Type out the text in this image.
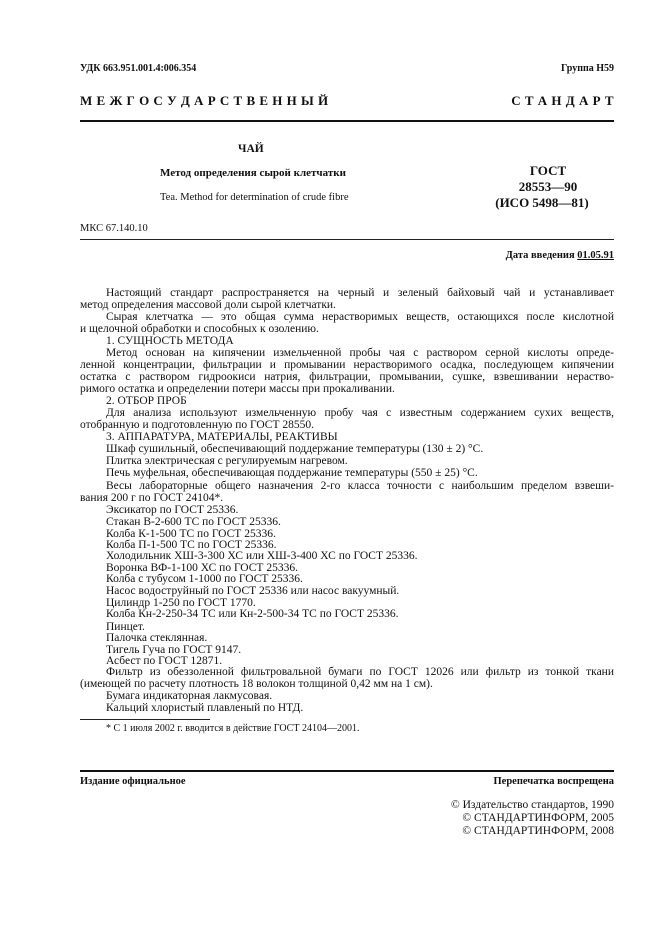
УДК 663.951.001.4:006.354	Группа Н59
М Е Ж Г О С У Д А Р С Т В Е Н Н Ы Й	С Т А Н Д А Р Т
ЧАЙ
Метод определения сырой клетчатки
Tea. Method for determination of crude fibre
ГОСТ
28553—90
(ИСО 5498—81)
МКС 67.140.10
Дата введения 01.05.91
Настоящий стандарт распространяется на черный и зеленый байховый чай и устанавливает
метод определения массовой доли сырой клетчатки.
Сырая клетчатка — это общая сумма нерастворимых веществ, остающихся после кислотной
и щелочной обработки и способных к озолению.
1. СУЩНОСТЬ МЕТОДА
Метод основан на кипячении измельченной пробы чая с раствором серной кислоты опреде-
ленной концентрации, фильтрации и промывании нерастворимого осадка, последующем кипячении
остатка с раствором гидроокиси натрия, фильтрации, промывании, сушке, взвешивании нераство-
римого остатка и определении потери массы при прокаливании.
2. ОТБОР ПРОБ
Для анализа используют измельченную пробу чая с известным содержанием сухих веществ,
отобранную и подготовленную по ГОСТ 28550.
3. АППАРАТУРА, МАТЕРИАЛЫ, РЕАКТИВЫ
Шкаф сушильный, обеспечивающий поддержание температуры (130 ± 2) °С.
Плитка электрическая с регулируемым нагревом.
Печь муфельная, обеспечивающая поддержание температуры (550 ± 25) °С.
Весы лабораторные общего назначения 2-го класса точности с наибольшим пределом взвеши-
вания 200 г по ГОСТ 24104*.
Эксикатор по ГОСТ 25336.
Стакан В-2-600 ТС по ГОСТ 25336.
Колба К-1-500 ТС по ГОСТ 25336.
Колба П-1-500 ТС по ГОСТ 25336.
Холодильник ХШ-3-300 ХС или ХШ-3-400 ХС по ГОСТ 25336.
Воронка ВФ-1-100 ХС по ГОСТ 25336.
Колба с тубусом 1-1000 по ГОСТ 25336.
Насос водоструйный по ГОСТ 25336 или насос вакуумный.
Цилиндр 1-250 по ГОСТ 1770.
Колба Кн-2-250-34 ТС или Кн-2-500-34 ТС по ГОСТ 25336.
Пинцет.
Палочка стеклянная.
Тигель Гуча по ГОСТ 9147.
Асбест по ГОСТ 12871.
Фильтр из обеззоленной фильтровальной бумаги по ГОСТ 12026 или фильтр из тонкой ткани
(имеющей по расчету плотность 18 волокон толщиной 0,42 мм на 1 см).
Бумага индикаторная лакмусовая.
Кальций хлористый плавленый по НТД.
* С 1 июля 2002 г. вводится в действие ГОСТ 24104—2001.
Издание официальное	Перепечатка воспрещена
© Издательство стандартов, 1990
© СТАНДАРТИНФОРМ, 2005
© СТАНДАРТИНФОРМ, 2008
